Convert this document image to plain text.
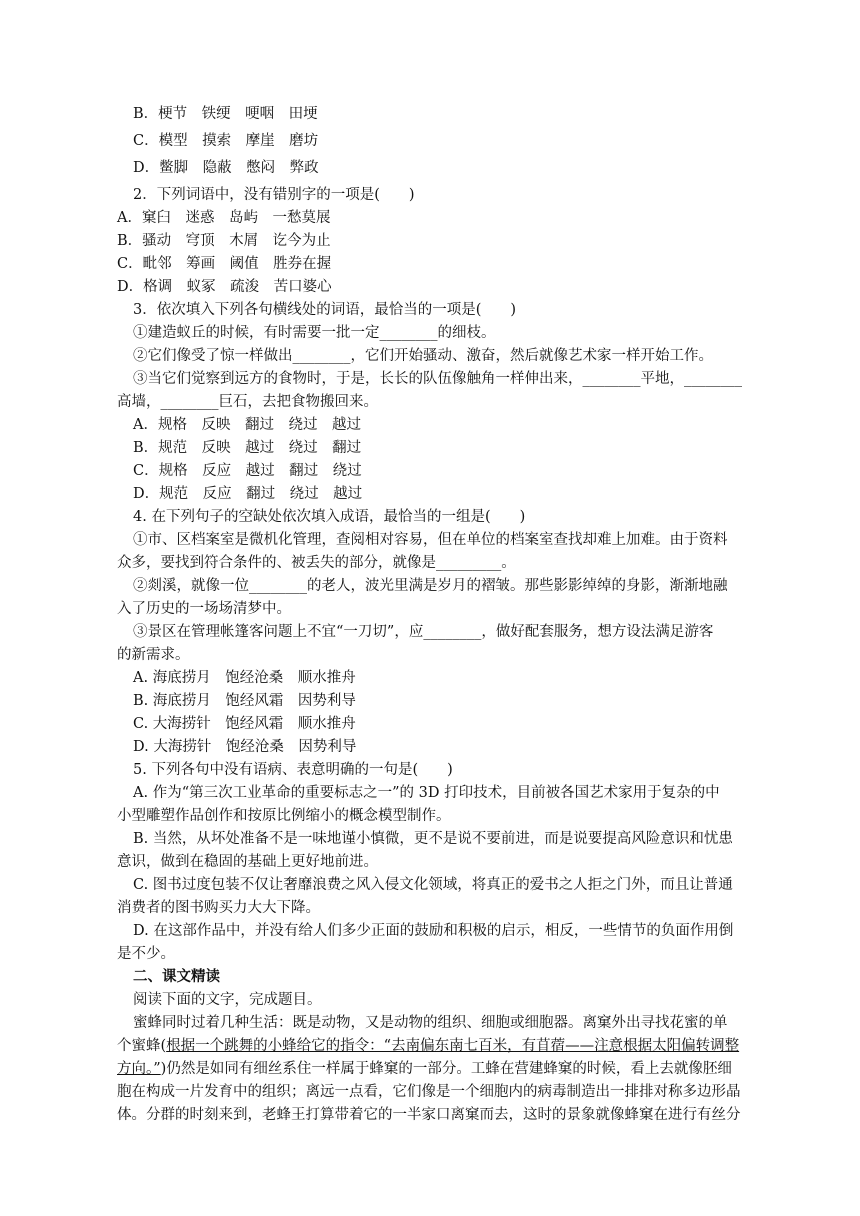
B．梗节　铁绠　哽咽　田埂
C．模型　摸索　摩崖　磨坊
D．鳖脚　隐蔽　憋闷　弊政
2．下列词语中，没有错别字的一项是(　　)
A．窠臼　迷惑　岛屿　一愁莫展
B．骚动　穹顶　木屑　讫今为止
C．毗邻　筹画　阈值　胜券在握
D．格调　蚁冢　疏浚　苦口婆心
3．依次填入下列各句横线处的词语，最恰当的一项是(　　)
①建造蚁丘的时候，有时需要一批一定________的细枝。
②它们像受了惊一样做出________，它们开始骚动、激奋，然后就像艺术家一样开始工作。
③当它们觉察到远方的食物时，于是，长长的队伍像触角一样伸出来，________平地，________
高墙，________巨石，去把食物搬回来。
A．规格　反映　翻过　绕过　越过
B．规范　反映　越过　绕过　翻过
C．规格　反应　越过　翻过　绕过
D．规范　反应　翻过　绕过　越过
4. 在下列句子的空缺处依次填入成语，最恰当的一组是(　　)
①市、区档案室是微机化管理，查阅相对容易，但在单位的档案室查找却难上加难。由于资料
众多，要找到符合条件的、被丢失的部分，就像是_________。
②剡溪，就像一位________的老人，波光里满是岁月的褶皱。那些影影绰绰的身影，渐渐地融
入了历史的一场场清梦中。
③景区在管理帐篷客问题上不宜“一刀切”，应________，做好配套服务，想方设法满足游客
的新需求。
A. 海底捞月　饱经沧桑　顺水推舟
B. 海底捞月　饱经风霜　因势利导
C. 大海捞针　饱经风霜　顺水推舟
D. 大海捞针　饱经沧桑　因势利导
5. 下列各句中没有语病、表意明确的一句是(　　)
A. 作为“第三次工业革命的重要标志之一”的 3D 打印技术，目前被各国艺术家用于复杂的中
小型雕塑作品创作和按原比例缩小的概念模型制作。
B. 当然，从坏处准备不是一味地谨小慎微，更不是说不要前进，而是说要提高风险意识和忧患
意识，做到在稳固的基础上更好地前进。
C. 图书过度包装不仅让奢靡浪费之风入侵文化领域，将真正的爱书之人拒之门外，而且让普通
消费者的图书购买力大大下降。
D. 在这部作品中，并没有给人们多少正面的鼓励和积极的启示，相反，一些情节的负面作用倒
是不少。
二、课文精读
阅读下面的文字，完成题目。
蜜蜂同时过着几种生活：既是动物，又是动物的组织、细胞或细胞器。离窠外出寻找花蜜的单
个蜜蜂(根据一个跳舞的小蜂给它的指令：“去南偏东南七百米，有苜蓿——注意根据太阳偏转调整
方向。”)仍然是如同有细丝系住一样属于蜂窠的一部分。工蜂在营建蜂窠的时候，看上去就像胚细
胞在构成一片发育中的组织；离远一点看，它们像是一个细胞内的病毒制造出一排排对称多边形晶
体。分群的时刻来到，老蜂王打算带着它的一半家口离窠而去，这时的景象就像蜂窠在进行有丝分
